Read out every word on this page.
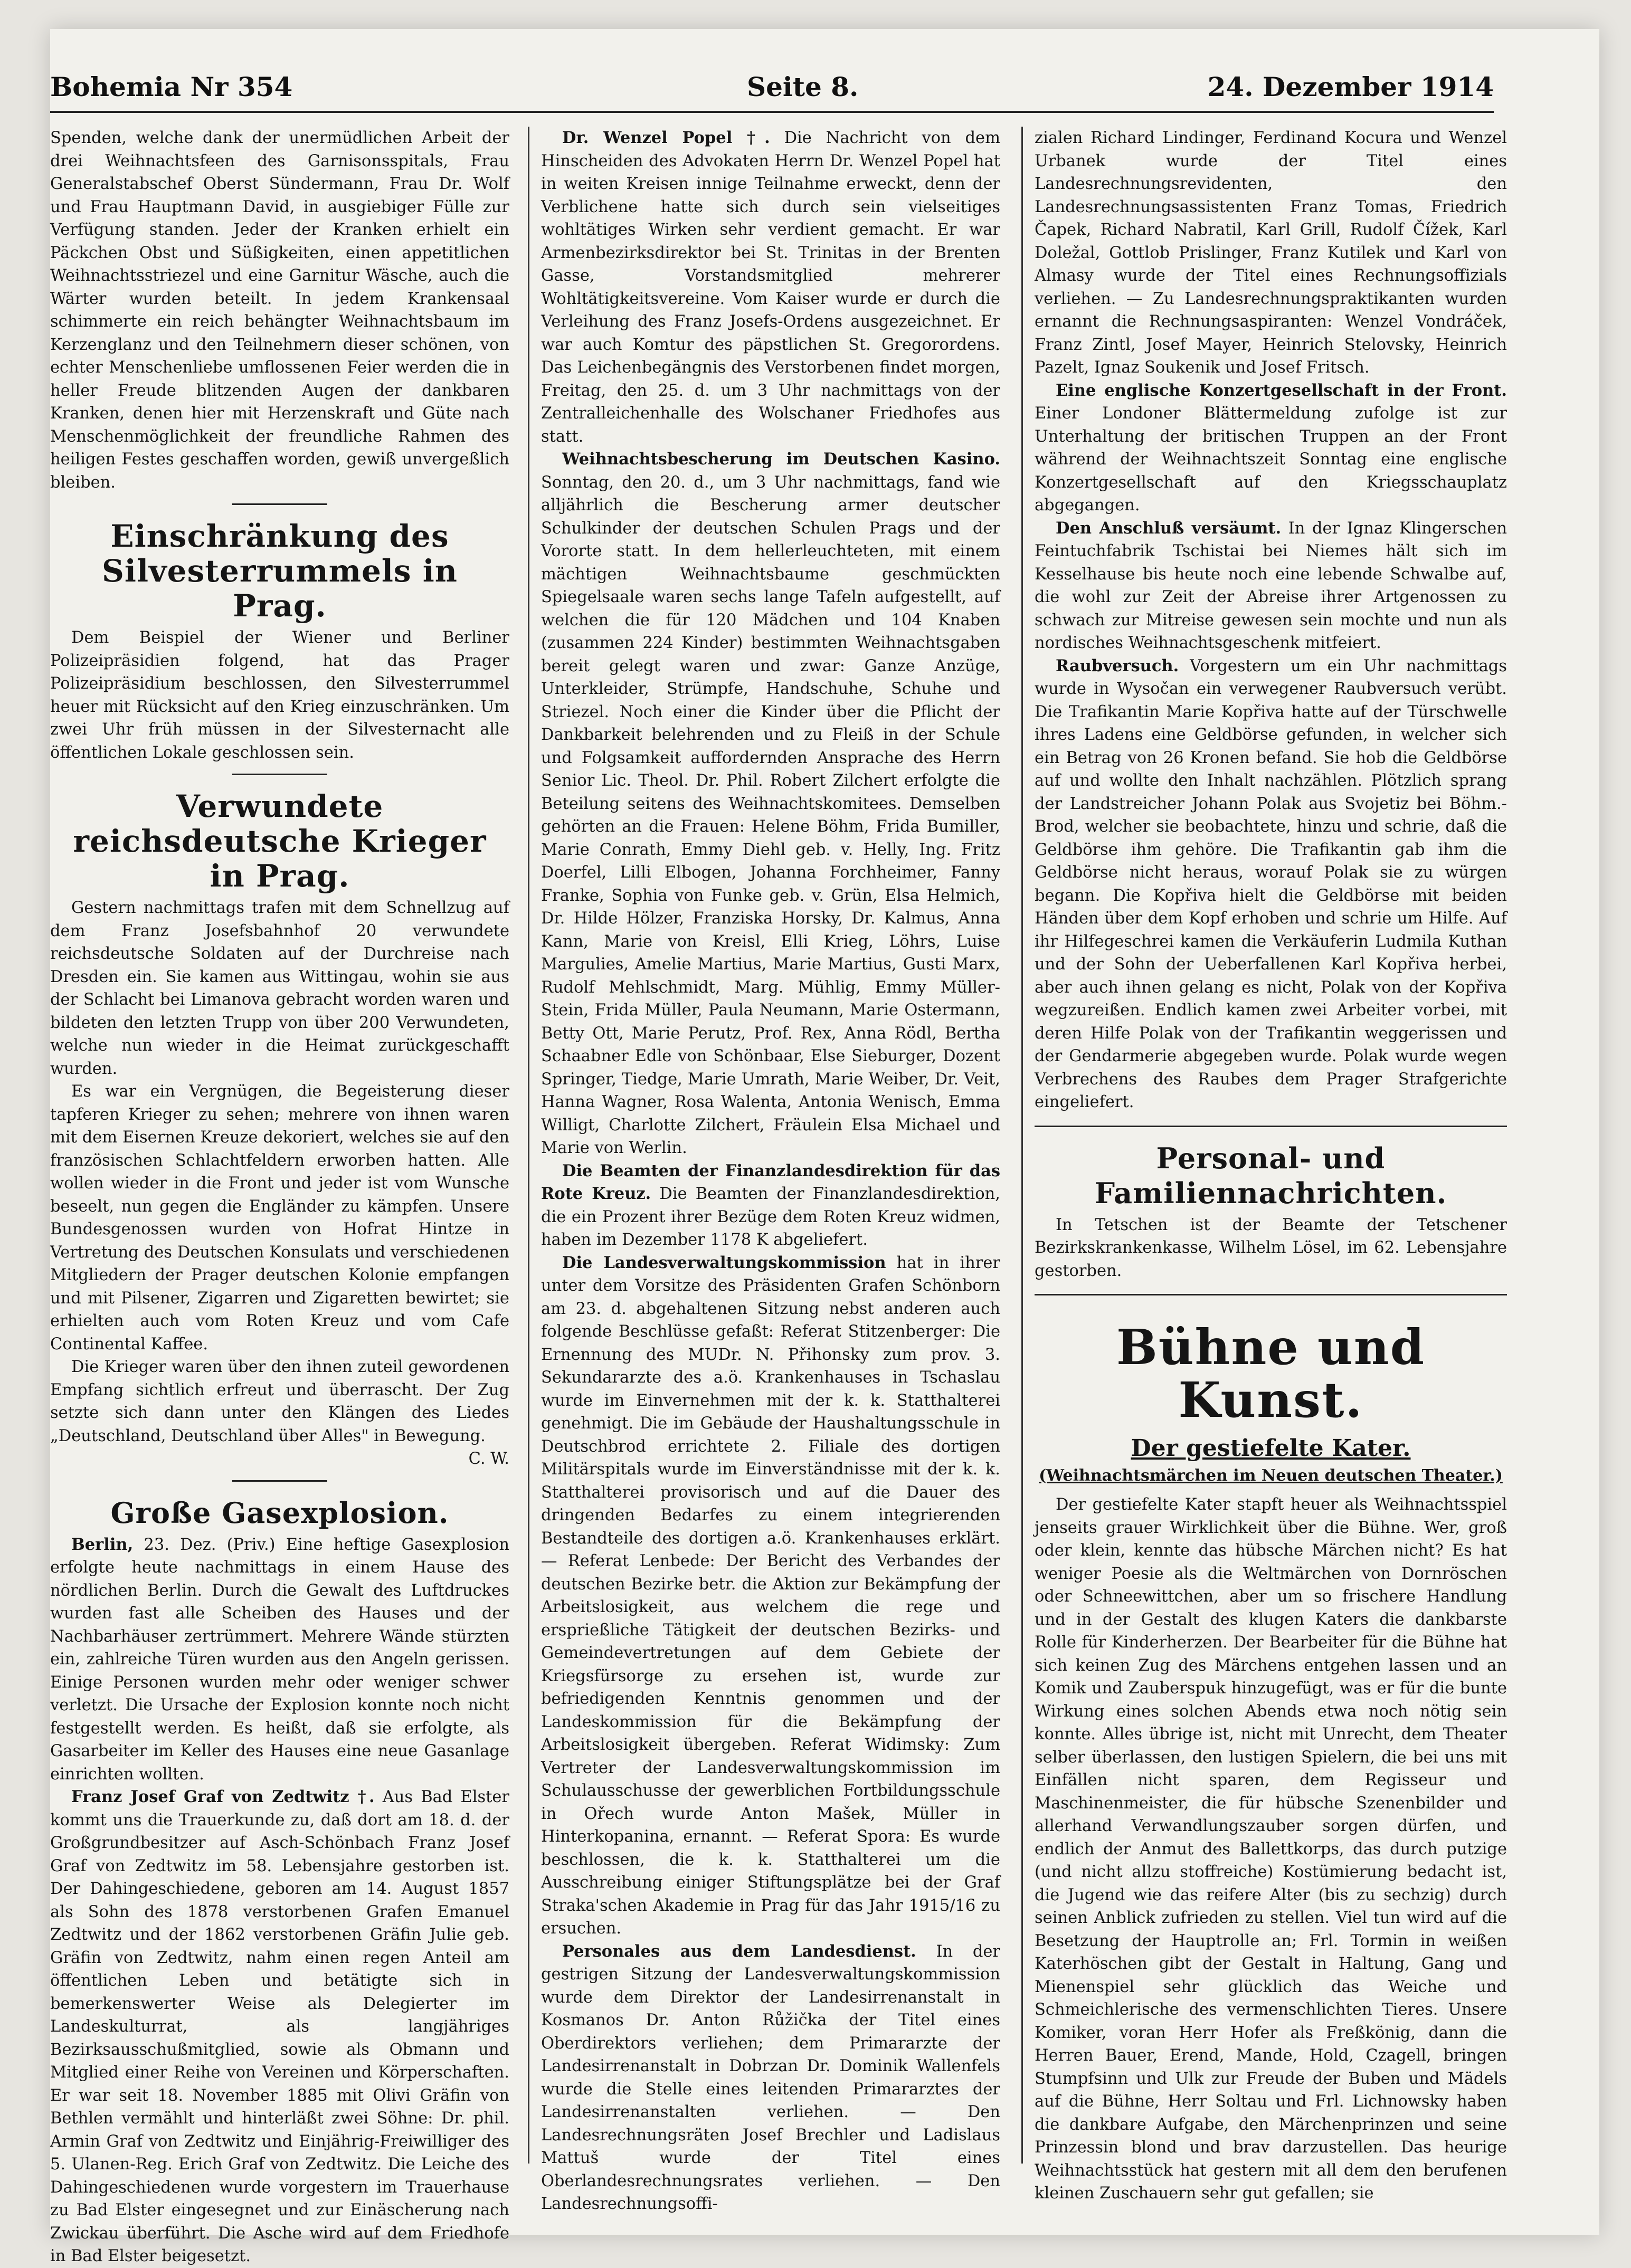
Bohemia Nr 354	Seite 8.	24. Dezember 1914

Spenden, welche dank der unermüdlichen Arbeit der drei Weihnachtsfeen des Garnisonsspitals, Frau Generalstabschef Oberst Sündermann, Frau Dr. Wolf und Frau Hauptmann David, in ausgiebiger Fülle zur Verfügung standen. Jeder der Kranken erhielt ein Päckchen Obst und Süßigkeiten, einen appetitlichen Weihnachtsstriezel und eine Garnitur Wäsche, auch die Wärter wurden beteilt. In jedem Krankensaal schimmerte ein reich behängter Weihnachtsbaum im Kerzenglanz und den Teilnehmern dieser schönen, von echter Menschenliebe umflossenen Feier werden die in heller Freude blitzenden Augen der dankbaren Kranken, denen hier mit Herzenskraft und Güte nach Menschenmöglichkeit der freundliche Rahmen des heiligen Festes geschaffen worden, gewiß unvergeßlich bleiben.

Einschränkung des Silvesterrummels in Prag.

Dem Beispiel der Wiener und Berliner Polizeipräsidien folgend, hat das Prager Polizeipräsidium beschlossen, den Silvesterrummel heuer mit Rücksicht auf den Krieg einzuschränken. Um zwei Uhr früh müssen in der Silvesternacht alle öffentlichen Lokale geschlossen sein.

Verwundete reichsdeutsche Krieger in Prag.

Gestern nachmittags trafen mit dem Schnellzug auf dem Franz Josefsbahnhof 20 verwundete reichsdeutsche Soldaten auf der Durchreise nach Dresden ein. Sie kamen aus Wittingau, wohin sie aus der Schlacht bei Limanova gebracht worden waren und bildeten den letzten Trupp von über 200 Verwundeten, welche nun wieder in die Heimat zurückgeschafft wurden.

Es war ein Vergnügen, die Begeisterung dieser tapferen Krieger zu sehen; mehrere von ihnen waren mit dem Eisernen Kreuze dekoriert, welches sie auf den französischen Schlachtfeldern erworben hatten. Alle wollen wieder in die Front und jeder ist vom Wunsche beseelt, nun gegen die Engländer zu kämpfen. Unsere Bundesgenossen wurden von Hofrat Hintze in Vertretung des Deutschen Konsulats und verschiedenen Mitgliedern der Prager deutschen Kolonie empfangen und mit Pilsener, Zigarren und Zigaretten bewirtet; sie erhielten auch vom Roten Kreuz und vom Cafe Continental Kaffee.

Die Krieger waren über den ihnen zuteil gewordenen Empfang sichtlich erfreut und überrascht. Der Zug setzte sich dann unter den Klängen des Liedes „Deutschland, Deutschland über Alles" in Bewegung.

C. W.
Große Gasexplosion.

Berlin, 23. Dez. (Priv.) Eine heftige Gasexplosion erfolgte heute nachmittags in einem Hause des nördlichen Berlin. Durch die Gewalt des Luftdruckes wurden fast alle Scheiben des Hauses und der Nachbarhäuser zertrümmert. Mehrere Wände stürzten ein, zahlreiche Türen wurden aus den Angeln gerissen. Einige Personen wurden mehr oder weniger schwer verletzt. Die Ursache der Explosion konnte noch nicht festgestellt werden. Es heißt, daß sie erfolgte, als Gasarbeiter im Keller des Hauses eine neue Gasanlage einrichten wollten.

Franz Josef Graf von Zedtwitz †. Aus Bad Elster kommt uns die Trauerkunde zu, daß dort am 18. d. der Großgrundbesitzer auf Asch-Schönbach Franz Josef Graf von Zedtwitz im 58. Lebensjahre gestorben ist. Der Dahingeschiedene, geboren am 14. August 1857 als Sohn des 1878 verstorbenen Grafen Emanuel Zedtwitz und der 1862 verstorbenen Gräfin Julie geb. Gräfin von Zedtwitz, nahm einen regen Anteil am öffentlichen Leben und betätigte sich in bemerkenswerter Weise als Delegierter im Landeskulturrat, als langjähriges Bezirksausschußmitglied, sowie als Obmann und Mitglied einer Reihe von Vereinen und Körperschaften. Er war seit 18. November 1885 mit Olivi Gräfin von Bethlen vermählt und hinterläßt zwei Söhne: Dr. phil. Armin Graf von Zedtwitz und Einjährig-Freiwilliger des 5. Ulanen-Reg. Erich Graf von Zedtwitz. Die Leiche des Dahingeschiedenen wurde vorgestern im Trauerhause zu Bad Elster eingesegnet und zur Einäscherung nach Zwickau überführt. Die Asche wird auf dem Friedhofe in Bad Elster beigesetzt.

Dr. Wenzel Popel †. Die Nachricht von dem Hinscheiden des Advokaten Herrn Dr. Wenzel Popel hat in weiten Kreisen innige Teilnahme erweckt, denn der Verblichene hatte sich durch sein vielseitiges wohltätiges Wirken sehr verdient gemacht. Er war Armenbezirksdirektor bei St. Trinitas in der Brenten Gasse, Vorstandsmitglied mehrerer Wohltätigkeitsvereine. Vom Kaiser wurde er durch die Verleihung des Franz Josefs-Ordens ausgezeichnet. Er war auch Komtur des päpstlichen St. Gregorordens. Das Leichenbegängnis des Verstorbenen findet morgen, Freitag, den 25. d. um 3 Uhr nachmittags von der Zentralleichenhalle des Wolschaner Friedhofes aus statt.

Weihnachtsbescherung im Deutschen Kasino. Sonntag, den 20. d., um 3 Uhr nachmittags, fand wie alljährlich die Bescherung armer deutscher Schulkinder der deutschen Schulen Prags und der Vororte statt. In dem hellerleuchteten, mit einem mächtigen Weihnachtsbaume geschmückten Spiegelsaale waren sechs lange Tafeln aufgestellt, auf welchen die für 120 Mädchen und 104 Knaben (zusammen 224 Kinder) bestimmten Weihnachtsgaben bereit gelegt waren und zwar: Ganze Anzüge, Unterkleider, Strümpfe, Handschuhe, Schuhe und Striezel. Noch einer die Kinder über die Pflicht der Dankbarkeit belehrenden und zu Fleiß in der Schule und Folgsamkeit auffordernden Ansprache des Herrn Senior Lic. Theol. Dr. Phil. Robert Zilchert erfolgte die Beteilung seitens des Weihnachtskomitees. Demselben gehörten an die Frauen: Helene Böhm, Frida Bumiller, Marie Conrath, Emmy Diehl geb. v. Helly, Ing. Fritz Doerfel, Lilli Elbogen, Johanna Forchheimer, Fanny Franke, Sophia von Funke geb. v. Grün, Elsa Helmich, Dr. Hilde Hölzer, Franziska Horsky, Dr. Kalmus, Anna Kann, Marie von Kreisl, Elli Krieg, Löhrs, Luise Margulies, Amelie Martius, Marie Martius, Gusti Marx, Rudolf Mehlschmidt, Marg. Mühlig, Emmy Müller-Stein, Frida Müller, Paula Neumann, Marie Ostermann, Betty Ott, Marie Perutz, Prof. Rex, Anna Rödl, Bertha Schaabner Edle von Schönbaar, Else Sieburger, Dozent Springer, Tiedge, Marie Umrath, Marie Weiber, Dr. Veit, Hanna Wagner, Rosa Walenta, Antonia Wenisch, Emma Willigt, Charlotte Zilchert, Fräulein Elsa Michael und Marie von Werlin.

Die Beamten der Finanzlandesdirektion für das Rote Kreuz. Die Beamten der Finanzlandesdirektion, die ein Prozent ihrer Bezüge dem Roten Kreuz widmen, haben im Dezember 1178 K abgeliefert.

Die Landesverwaltungskommission hat in ihrer unter dem Vorsitze des Präsidenten Grafen Schönborn am 23. d. abgehaltenen Sitzung nebst anderen auch folgende Beschlüsse gefaßt: Referat Stitzenberger: Die Ernennung des MUDr. N. Přihonsky zum prov. 3. Sekundararzte des a.ö. Krankenhauses in Tschaslau wurde im Einvernehmen mit der k. k. Statthalterei genehmigt. Die im Gebäude der Haushaltungsschule in Deutschbrod errichtete 2. Filiale des dortigen Militärspitals wurde im Einverständnisse mit der k. k. Statthalterei provisorisch und auf die Dauer des dringenden Bedarfes zu einem integrierenden Bestandteile des dortigen a.ö. Krankenhauses erklärt. — Referat Lenbede: Der Bericht des Verbandes der deutschen Bezirke betr. die Aktion zur Bekämpfung der Arbeitslosigkeit, aus welchem die rege und ersprießliche Tätigkeit der deutschen Bezirks- und Gemeindevertretungen auf dem Gebiete der Kriegsfürsorge zu ersehen ist, wurde zur befriedigenden Kenntnis genommen und der Landeskommission für die Bekämpfung der Arbeitslosigkeit übergeben. Referat Widimsky: Zum Vertreter der Landesverwaltungskommission im Schulausschusse der gewerblichen Fortbildungsschule in Ořech wurde Anton Mašek, Müller in Hinterkopanina, ernannt. — Referat Spora: Es wurde beschlossen, die k. k. Statthalterei um die Ausschreibung einiger Stiftungsplätze bei der Graf Straka'schen Akademie in Prag für das Jahr 1915/16 zu ersuchen.

Personales aus dem Landesdienst. In der gestrigen Sitzung der Landesverwaltungskommission wurde dem Direktor der Landesirrenanstalt in Kosmanos Dr. Anton Růžička der Titel eines Oberdirektors verliehen; dem Primararzte der Landesirrenanstalt in Dobrzan Dr. Dominik Wallenfels wurde die Stelle eines leitenden Primararztes der Landesirrenanstalten verliehen. — Den Landesrechnungsräten Josef Brechler und Ladislaus Mattuš wurde der Titel eines Oberlandesrechnungsrates verliehen. — Den Landesrechnungsoffi-

zialen Richard Lindinger, Ferdinand Kocura und Wenzel Urbanek wurde der Titel eines Landesrechnungsrevidenten, den Landesrechnungsassistenten Franz Tomas, Friedrich Čapek, Richard Nabratil, Karl Grill, Rudolf Čížek, Karl Doležal, Gottlob Prislinger, Franz Kutilek und Karl von Almasy wurde der Titel eines Rechnungsoffizials verliehen. — Zu Landesrechnungspraktikanten wurden ernannt die Rechnungsaspiranten: Wenzel Vondráček, Franz Zintl, Josef Mayer, Heinrich Stelovsky, Heinrich Pazelt, Ignaz Soukenik und Josef Fritsch.

Eine englische Konzertgesellschaft in der Front. Einer Londoner Blättermeldung zufolge ist zur Unterhaltung der britischen Truppen an der Front während der Weihnachtszeit Sonntag eine englische Konzertgesellschaft auf den Kriegsschauplatz abgegangen.

Den Anschluß versäumt. In der Ignaz Klingerschen Feintuchfabrik Tschistai bei Niemes hält sich im Kesselhause bis heute noch eine lebende Schwalbe auf, die wohl zur Zeit der Abreise ihrer Artgenossen zu schwach zur Mitreise gewesen sein mochte und nun als nordisches Weihnachtsgeschenk mitfeiert.

Raubversuch. Vorgestern um ein Uhr nachmittags wurde in Wysočan ein verwegener Raubversuch verübt. Die Trafikantin Marie Kopřiva hatte auf der Türschwelle ihres Ladens eine Geldbörse gefunden, in welcher sich ein Betrag von 26 Kronen befand. Sie hob die Geldbörse auf und wollte den Inhalt nachzählen. Plötzlich sprang der Landstreicher Johann Polak aus Svojetiz bei Böhm.-Brod, welcher sie beobachtete, hinzu und schrie, daß die Geldbörse ihm gehöre. Die Trafikantin gab ihm die Geldbörse nicht heraus, worauf Polak sie zu würgen begann. Die Kopřiva hielt die Geldbörse mit beiden Händen über dem Kopf erhoben und schrie um Hilfe. Auf ihr Hilfegeschrei kamen die Verkäuferin Ludmila Kuthan und der Sohn der Ueberfallenen Karl Kopřiva herbei, aber auch ihnen gelang es nicht, Polak von der Kopřiva wegzureißen. Endlich kamen zwei Arbeiter vorbei, mit deren Hilfe Polak von der Trafikantin weggerissen und der Gendarmerie abgegeben wurde. Polak wurde wegen Verbrechens des Raubes dem Prager Strafgerichte eingeliefert.

Personal- und Familiennachrichten.

In Tetschen ist der Beamte der Tetschener Bezirkskrankenkasse, Wilhelm Lösel, im 62. Lebensjahre gestorben.

Bühne und Kunst.
Der gestiefelte Kater.
(Weihnachtsmärchen im Neuen deutschen Theater.)

Der gestiefelte Kater stapft heuer als Weihnachtsspiel jenseits grauer Wirklichkeit über die Bühne. Wer, groß oder klein, kennte das hübsche Märchen nicht? Es hat weniger Poesie als die Weltmärchen von Dornröschen oder Schneewittchen, aber um so frischere Handlung und in der Gestalt des klugen Katers die dankbarste Rolle für Kinderherzen. Der Bearbeiter für die Bühne hat sich keinen Zug des Märchens entgehen lassen und an Komik und Zauberspuk hinzugefügt, was er für die bunte Wirkung eines solchen Abends etwa noch nötig sein konnte. Alles übrige ist, nicht mit Unrecht, dem Theater selber überlassen, den lustigen Spielern, die bei uns mit Einfällen nicht sparen, dem Regisseur und Maschinenmeister, die für hübsche Szenenbilder und allerhand Verwandlungszauber sorgen dürfen, und endlich der Anmut des Ballettkorps, das durch putzige (und nicht allzu stoffreiche) Kostümierung bedacht ist, die Jugend wie das reifere Alter (bis zu sechzig) durch seinen Anblick zufrieden zu stellen. Viel tun wird auf die Besetzung der Hauptrolle an; Frl. Tormin in weißen Katerhöschen gibt der Gestalt in Haltung, Gang und Mienenspiel sehr glücklich das Weiche und Schmeichlerische des vermenschlichten Tieres. Unsere Komiker, voran Herr Hofer als Freßkönig, dann die Herren Bauer, Erend, Mande, Hold, Czagell, bringen Stumpfsinn und Ulk zur Freude der Buben und Mädels auf die Bühne, Herr Soltau und Frl. Lichnowsky haben die dankbare Aufgabe, den Märchenprinzen und seine Prinzessin blond und brav darzustellen. Das heurige Weihnachtsstück hat gestern mit all dem den berufenen kleinen Zuschauern sehr gut gefallen; sie
